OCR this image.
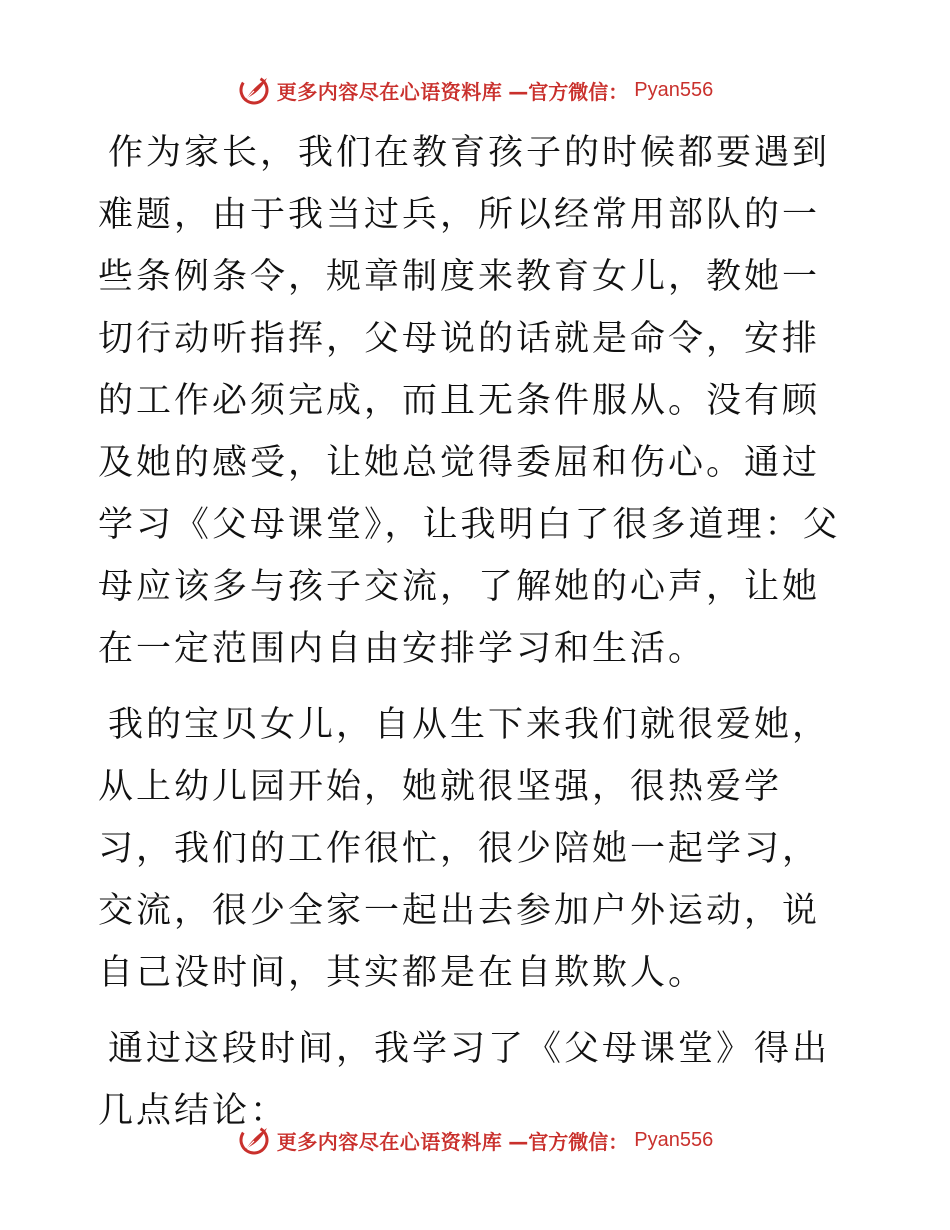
更多内容尽在心语资料库 —官方微信： Pyan556

作为家长，我们在教育孩子的时候都要遇到难题，由于我当过兵，所以经常用部队的一些条例条令，规章制度来教育女儿，教她一切行动听指挥，父母说的话就是命令，安排的工作必须完成，而且无条件服从。没有顾及她的感受，让她总觉得委屈和伤心。通过学习《父母课堂》，让我明白了很多道理：父母应该多与孩子交流，了解她的心声，让她在一定范围内自由安排学习和生活。

我的宝贝女儿，自从生下来我们就很爱她，从上幼儿园开始，她就很坚强，很热爱学习，我们的工作很忙，很少陪她一起学习，交流，很少全家一起出去参加户外运动，说自己没时间，其实都是在自欺欺人。

通过这段时间，我学习了《父母课堂》得出几点结论：

更多内容尽在心语资料库 —官方微信： Pyan556
